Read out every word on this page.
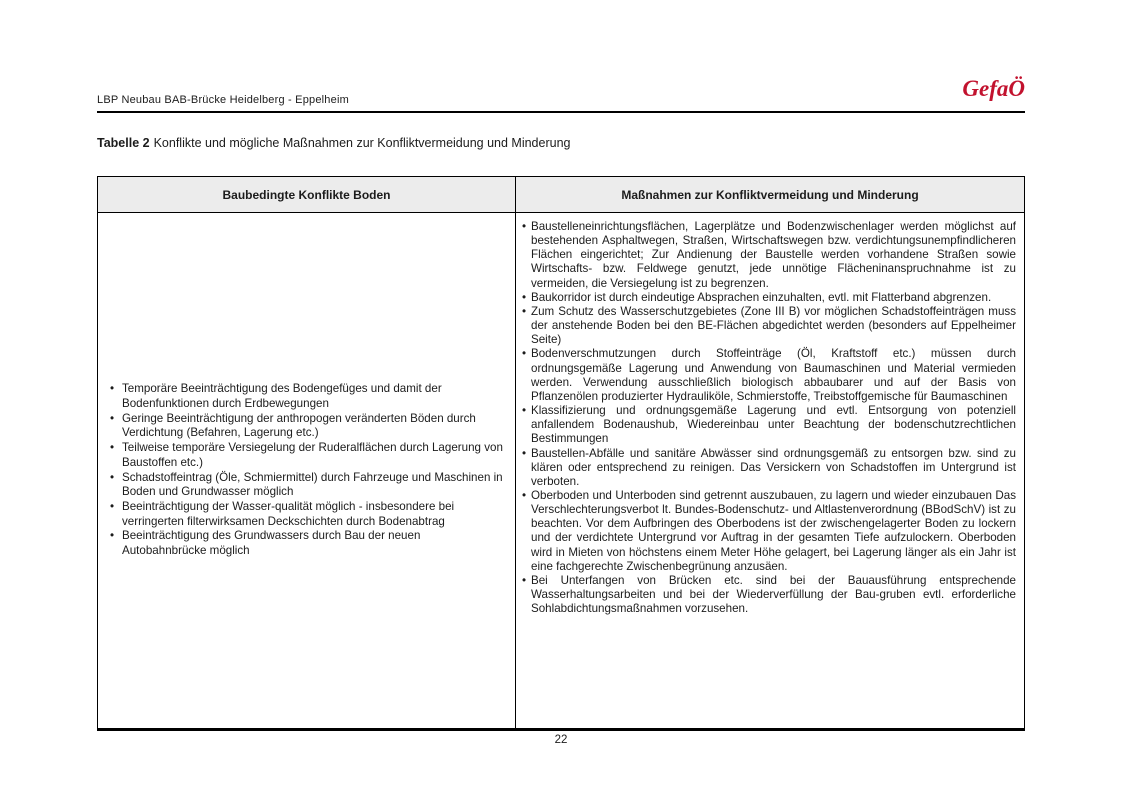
LBP Neubau BAB-Brücke Heidelberg - Eppelheim	GefaÖ

Tabelle 2 Konflikte und mögliche Maßnahmen zur Konfliktvermeidung und Minderung

Baubedingte Konflikte Boden	Maßnahmen zur Konfliktvermeidung und Minderung
• Temporäre Beeinträchtigung des Bodengefüges und damit der Bodenfunktionen durch Erdbewegungen
• Geringe Beeinträchtigung der anthropogen veränderten Böden durch Verdichtung (Befahren, Lagerung etc.)
• Teilweise temporäre Versiegelung der Ruderalflächen durch Lagerung von Baustoffen etc.)
• Schadstoffeintrag (Öle, Schmiermittel) durch Fahrzeuge und Maschinen in Boden und Grundwasser möglich
• Beeinträchtigung der Wasser-qualität möglich - insbesondere bei verringerten filterwirksamen Deckschichten durch Bodenabtrag
• Beeinträchtigung des Grundwassers durch Bau der neuen Autobahnbrücke möglich
• Baustelleneinrichtungsflächen, Lagerplätze und Bodenzwischenlager werden möglichst auf bestehenden Asphaltwegen, Straßen, Wirtschaftswegen bzw. verdichtungsunempfindlicheren Flächen eingerichtet; Zur Andienung der Baustelle werden vorhandene Straßen sowie Wirtschafts- bzw. Feldwege genutzt, jede unnötige Flächeninanspruchnahme ist zu vermeiden, die Versiegelung ist zu begrenzen.
• Baukorridor ist durch eindeutige Absprachen einzuhalten, evtl. mit Flatterband abgrenzen.
• Zum Schutz des Wasserschutzgebietes (Zone III B) vor möglichen Schadstoffeinträgen muss der anstehende Boden bei den BE-Flächen abgedichtet werden (besonders auf Eppelheimer Seite)
• Bodenverschmutzungen durch Stoffeinträge (Öl, Kraftstoff etc.) müssen durch ordnungsgemäße Lagerung und Anwendung von Baumaschinen und Material vermieden werden. Verwendung ausschließlich biologisch abbaubarer und auf der Basis von Pflanzenölen produzierter Hydrauliköle, Schmierstoffe, Treibstoffgemische für Baumaschinen
• Klassifizierung und ordnungsgemäße Lagerung und evtl. Entsorgung von potenziell anfallendem Bodenaushub, Wiedereinbau unter Beachtung der bodenschutzrechtlichen Bestimmungen
• Baustellen-Abfälle und sanitäre Abwässer sind ordnungsgemäß zu entsorgen bzw. sind zu klären oder entsprechend zu reinigen. Das Versickern von Schadstoffen im Untergrund ist verboten.
• Oberboden und Unterboden sind getrennt auszubauen, zu lagern und wieder einzubauen Das Verschlechterungsverbot lt. Bundes-Bodenschutz- und Altlastenverordnung (BBodSchV) ist zu beachten. Vor dem Aufbringen des Oberbodens ist der zwischengelagerter Boden zu lockern und der verdichtete Untergrund vor Auftrag in der gesamten Tiefe aufzulockern. Oberboden wird in Mieten von höchstens einem Meter Höhe gelagert, bei Lagerung länger als ein Jahr ist eine fachgerechte Zwischenbegrünung anzusäen.
• Bei Unterfangen von Brücken etc. sind bei der Bauausführung entsprechende Wasserhaltungsarbeiten und bei der Wiederverfüllung der Bau-gruben evtl. erforderliche Sohlabdichtungsmaßnahmen vorzusehen.
22
